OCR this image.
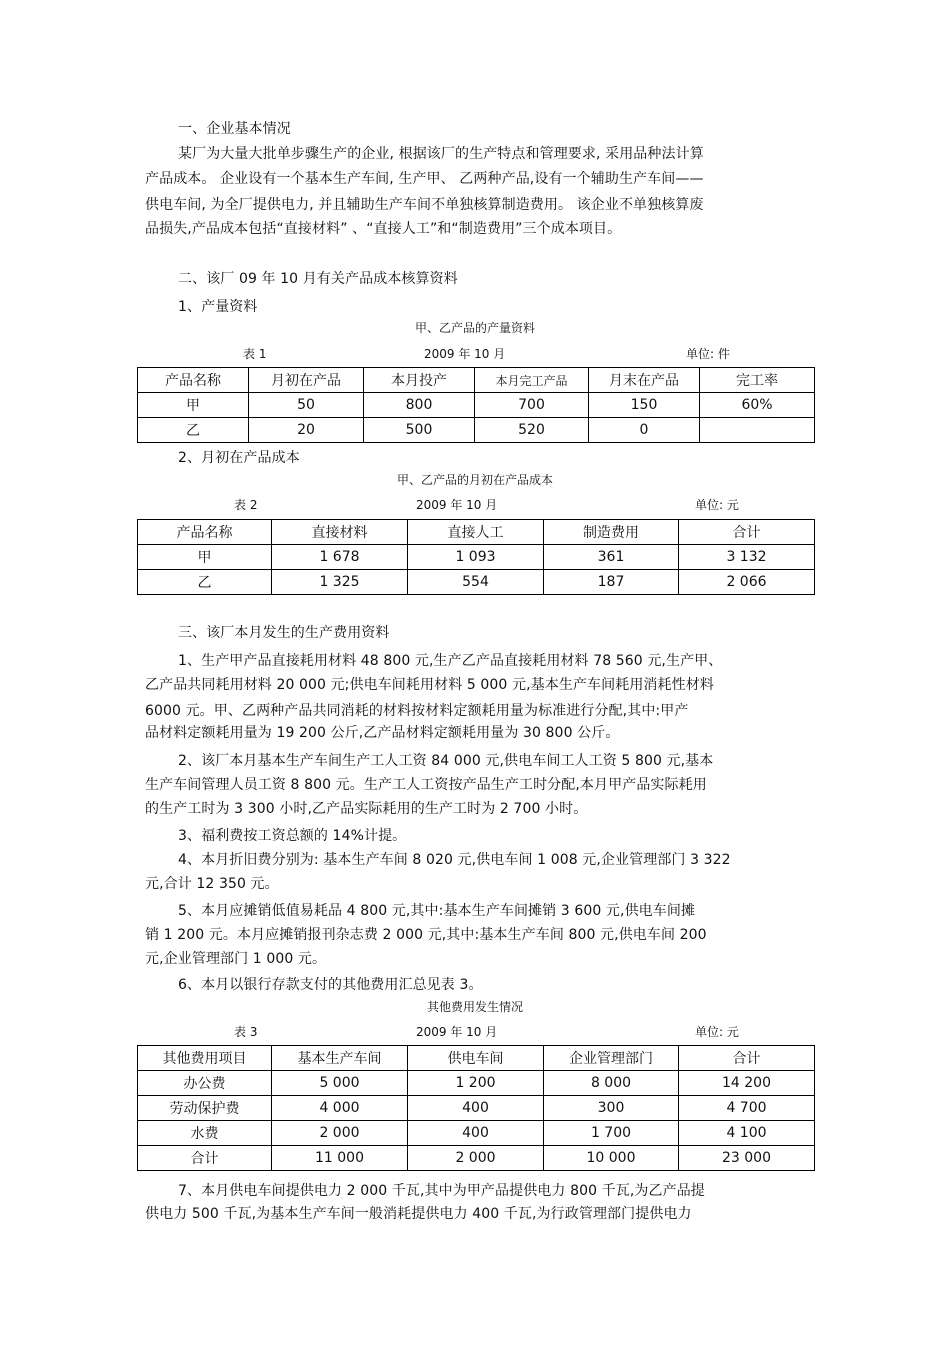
一、企业基本情况
某厂为大量大批单步骤生产的企业, 根据该厂的生产特点和管理要求, 采用品种法计算
产品成本。 企业设有一个基本生产车间, 生产甲、 乙两种产品,设有一个辅助生产车间——
供电车间, 为全厂提供电力, 并且辅助生产车间不单独核算制造费用。 该企业不单独核算废
品损失,产品成本包括“直接材料” 、“直接人工”和“制造费用”三个成本项目。
二、该厂 09 年 10 月有关产品成本核算资料
1、产量资料
甲、乙产品的产量资料
表 1	2009 年 10 月	单位: 件
产品名称	月初在产品	本月投产	本月完工产品	月末在产品	完工率
甲	50	800	700	150	60%
乙	20	500	520	0	
2、月初在产品成本
甲、乙产品的月初在产品成本
表 2	2009 年 10 月	单位: 元
产品名称	直接材料	直接人工	制造费用	合计
甲	1 678	1 093	361	3 132
乙	1 325	554	187	2 066
三、该厂本月发生的生产费用资料
1、生产甲产品直接耗用材料 48 800 元,生产乙产品直接耗用材料 78 560 元,生产甲、
乙产品共同耗用材料 20 000 元;供电车间耗用材料 5 000 元,基本生产车间耗用消耗性材料
6000 元。甲、乙两种产品共同消耗的材料按材料定额耗用量为标准进行分配,其中:甲产
品材料定额耗用量为 19 200 公斤,乙产品材料定额耗用量为 30 800 公斤。
2、该厂本月基本生产车间生产工人工资 84 000 元,供电车间工人工资 5 800 元,基本
生产车间管理人员工资 8 800 元。生产工人工资按产品生产工时分配,本月甲产品实际耗用
的生产工时为 3 300 小时,乙产品实际耗用的生产工时为 2 700 小时。
3、福利费按工资总额的 14%计提。
4、本月折旧费分别为: 基本生产车间 8 020 元,供电车间 1 008 元,企业管理部门 3 322
元,合计 12 350 元。
5、本月应摊销低值易耗品 4 800 元,其中:基本生产车间摊销 3 600 元,供电车间摊
销 1 200 元。本月应摊销报刊杂志费 2 000 元,其中:基本生产车间 800 元,供电车间 200
元,企业管理部门 1 000 元。
6、本月以银行存款支付的其他费用汇总见表 3。
其他费用发生情况
表 3	2009 年 10 月	单位: 元
其他费用项目	基本生产车间	供电车间	企业管理部门	合计
办公费	5 000	1 200	8 000	14 200
劳动保护费	4 000	400	300	4 700
水费	2 000	400	1 700	4 100
合计	11 000	2 000	10 000	23 000
7、本月供电车间提供电力 2 000 千瓦,其中为甲产品提供电力 800 千瓦,为乙产品提
供电力 500 千瓦,为基本生产车间一般消耗提供电力 400 千瓦,为行政管理部门提供电力
